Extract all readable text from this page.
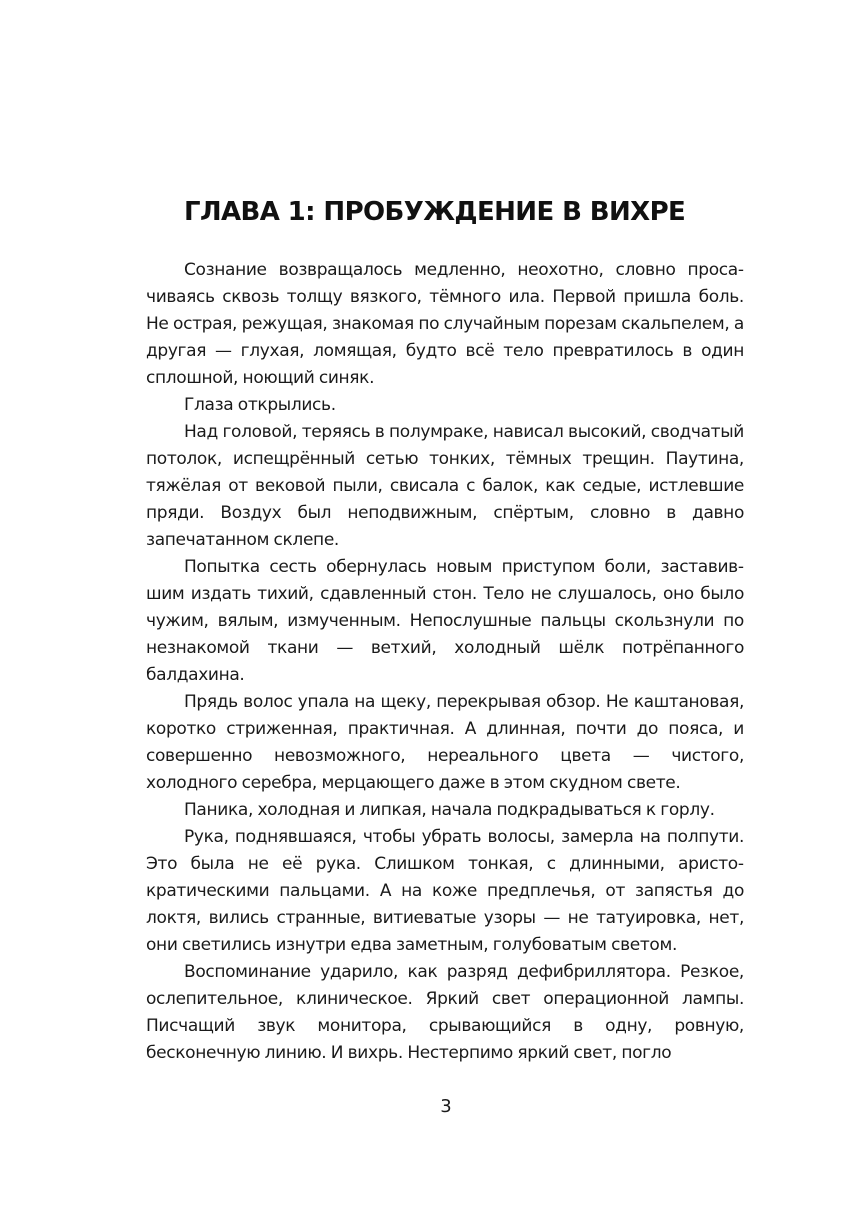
ГЛАВА 1: ПРОБУЖДЕНИЕ В ВИХРЕ

Сознание возвращалось медленно, неохотно, словно просачиваясь сквозь толщу вязкого, тёмного ила. Первой пришла боль. Не острая, режущая, знакомая по случайным порезам скальпелем, а другая — глухая, ломящая, будто всё тело превратилось в один сплошной, ноющий синяк.

Глаза открылись.

Над головой, теряясь в полумраке, нависал высокий, сводчатый потолок, испещрённый сетью тонких, тёмных трещин. Паутина, тяжёлая от вековой пыли, свисала с балок, как седые, истлевшие пряди. Воздух был неподвижным, спёртым, словно в давно запечатанном склепе.

Попытка сесть обернулась новым приступом боли, заставившим издать тихий, сдавленный стон. Тело не слушалось, оно было чужим, вялым, измученным. Непослушные пальцы скользнули по незнакомой ткани — ветхий, холодный шёлк потрёпанного балдахина.

Прядь волос упала на щеку, перекрывая обзор. Не каштановая, коротко стриженная, практичная. А длинная, почти до пояса, и совершенно невозможного, нереального цвета — чистого, холодного серебра, мерцающего даже в этом скудном свете.

Паника, холодная и липкая, начала подкрадываться к горлу.

Рука, поднявшаяся, чтобы убрать волосы, замерла на полпути. Это была не её рука. Слишком тонкая, с длинными, аристократическими пальцами. А на коже предплечья, от запястья до локтя, вились странные, витиеватые узоры — не татуировка, нет, они светились изнутри едва заметным, голубоватым светом.

Воспоминание ударило, как разряд дефибриллятора. Резкое, ослепительное, клиническое. Яркий свет операционной лампы. Писчащий звук монитора, срывающийся в одну, ровную, бесконечную линию. И вихрь. Нестерпимо яркий свет, погло

3
